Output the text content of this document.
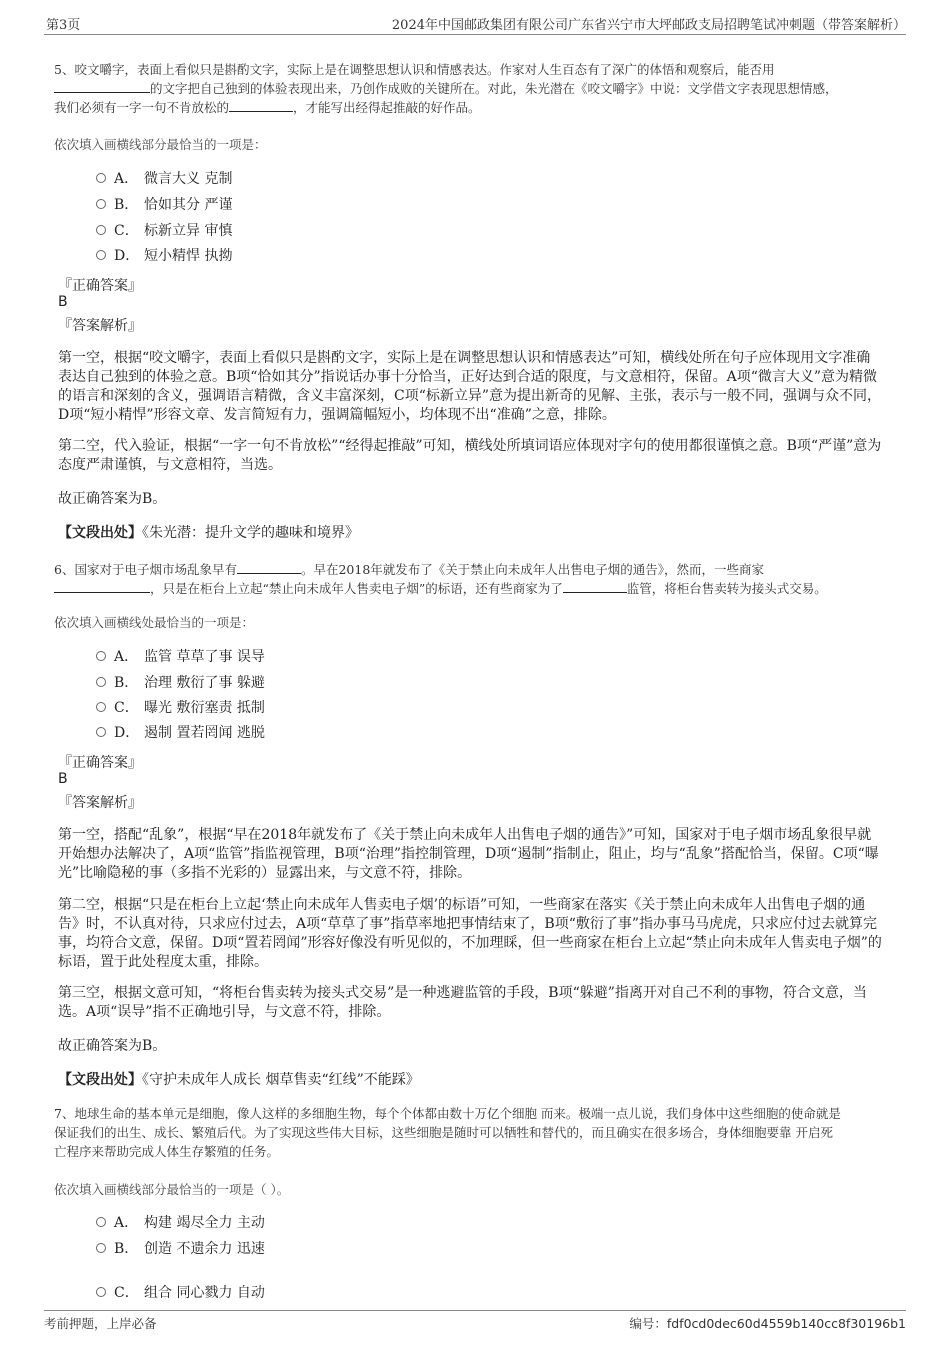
第3页	2024年中国邮政集团有限公司广东省兴宁市大坪邮政支局招聘笔试冲刺题（带答案解析）
5、咬文嚼字，表面上看似只是斟酌文字，实际上是在调整思想认识和情感表达。作家对人生百态有了深广的体悟和观察后，能否用
的文字把自己独到的体验表现出来，乃创作成败的关键所在。对此，朱光潜在《咬文嚼字》中说：文学借文字表现思想情感，
我们必须有一字一句不肯放松的	，才能写出经得起推敲的好作品。
依次填入画横线部分最恰当的一项是：
A． 微言大义 克制
B． 恰如其分 严谨
C． 标新立异 审慎
D． 短小精悍 执拗
『正确答案』
B
『答案解析』
第一空，根据“咬文嚼字，表面上看似只是斟酌文字，实际上是在调整思想认识和情感表达”可知，横线处所在句子应体现用文字准确表达自己独到的体验之意。B项“恰如其分”指说话办事十分恰当，正好达到合适的限度，与文意相符，保留。A项“微言大义”意为精微的语言和深刻的含义，强调语言精微，含义丰富深刻，C项“标新立异”意为提出新奇的见解、主张，表示与一般不同，强调与众不同，D项“短小精悍”形容文章、发言简短有力，强调篇幅短小，均体现不出“准确”之意，排除。
第二空，代入验证，根据“一字一句不肯放松”“经得起推敲”可知，横线处所填词语应体现对字句的使用都很谨慎之意。B项“严谨”意为态度严肃谨慎，与文意相符，当选。
故正确答案为B。
【文段出处】《朱光潜：提升文学的趣味和境界》
6、国家对于电子烟市场乱象早有	。早在2018年就发布了《关于禁止向未成年人出售电子烟的通告》，然而，一些商家
，只是在柜台上立起“禁止向未成年人售卖电子烟”的标语，还有些商家为了	监管，将柜台售卖转为接头式交易。
依次填入画横线处最恰当的一项是：
A． 监管 草草了事 误导
B． 治理 敷衍了事 躲避
C． 曝光 敷衍塞责 抵制
D． 遏制 置若罔闻 逃脱
『正确答案』
B
『答案解析』
第一空，搭配“乱象”，根据“早在2018年就发布了《关于禁止向未成年人出售电子烟的通告》”可知，国家对于电子烟市场乱象很早就开始想办法解决了，A项“监管”指监视管理，B项“治理”指控制管理，D项“遏制”指制止，阻止，均与“乱象”搭配恰当，保留。C项“曝光”比喻隐秘的事（多指不光彩的）显露出来，与文意不符，排除。
第二空，根据“只是在柜台上立起‘禁止向未成年人售卖电子烟’的标语”可知，一些商家在落实《关于禁止向未成年人出售电子烟的通告》时，不认真对待，只求应付过去，A项“草草了事”指草率地把事情结束了，B项“敷衍了事”指办事马马虎虎，只求应付过去就算完事，均符合文意，保留。D项“置若罔闻”形容好像没有听见似的，不加理睬，但一些商家在柜台上立起“禁止向未成年人售卖电子烟”的标语，置于此处程度太重，排除。
第三空，根据文意可知，“将柜台售卖转为接头式交易”是一种逃避监管的手段，B项“躲避”指离开对自己不利的事物，符合文意，当选。A项“误导”指不正确地引导，与文意不符，排除。
故正确答案为B。
【文段出处】《守护未成年人成长 烟草售卖“红线”不能踩》
7、地球生命的基本单元是细胞，像人这样的多细胞生物，每个个体都由数十万亿个细胞 而来。极端一点儿说，我们身体中这些细胞的使命就是
保证我们的出生、成长、繁殖后代。为了实现这些伟大目标，这些细胞是随时可以牺牲和替代的，而且确实在很多场合，身体细胞要靠 开启死
亡程序来帮助完成人体生存繁殖的任务。
依次填入画横线部分最恰当的一项是（ ）。
A． 构建 竭尽全力 主动
B． 创造 不遗余力 迅速
C． 组合 同心戮力 自动
考前押题，上岸必备	编号：fdf0cd0dec60d4559b140cc8f30196b1
